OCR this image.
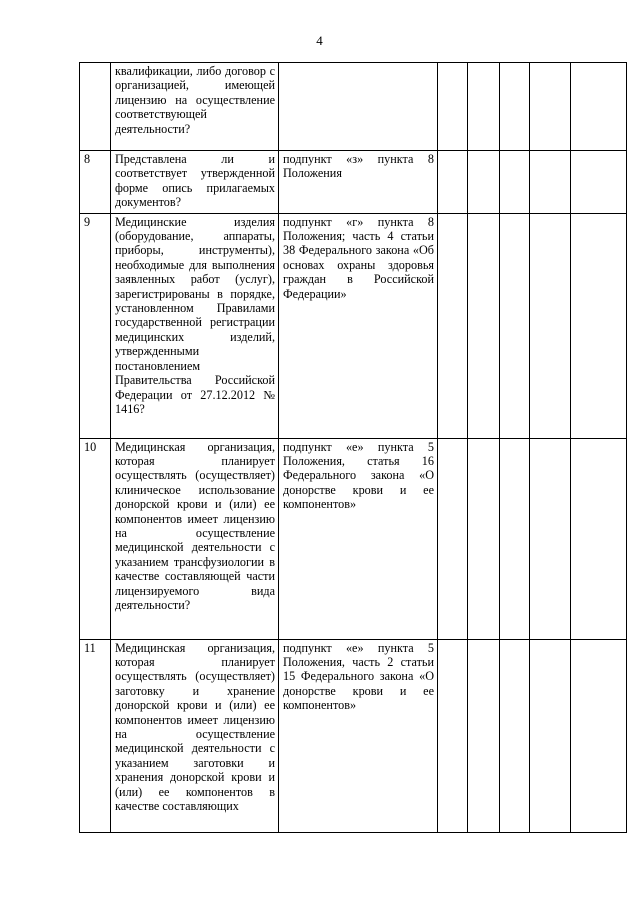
4
	квалификации, либо договор с организацией, имеющей лицензию на осуществление соответствующей деятельности?						
8	Представлена ли и соответствует утвержденной форме опись прилагаемых документов?	подпункт «з» пункта 8 Положения					
9	Медицинские изделия (оборудование, аппараты, приборы, инструменты), необходимые для выполнения заявленных работ (услуг), зарегистрированы в порядке, установленном Правилами государственной регистрации медицинских изделий, утвержденными постановлением Правительства Российской Федерации от 27.12.2012 № 1416?	подпункт «г» пункта 8 Положения; часть 4 статьи 38 Федерального закона «Об основах охраны здоровья граждан в Российской Федерации»					
10	Медицинская организация, которая планирует осуществлять (осуществляет) клиническое использование донорской крови и (или) ее компонентов имеет лицензию на осуществление медицинской деятельности с указанием трансфузиологии в качестве составляющей части лицензируемого вида деятельности?	подпункт «е» пункта 5 Положения, статья 16 Федерального закона «О донорстве крови и ее компонентов»					
11	Медицинская организация, которая планирует осуществлять (осуществляет) заготовку и хранение донорской крови и (или) ее компонентов имеет лицензию на осуществление медицинской деятельности с указанием заготовки и хранения донорской крови и (или) ее компонентов в качестве составляющих	подпункт «е» пункта 5 Положения, часть 2 статьи 15 Федерального закона «О донорстве крови и ее компонентов»					
